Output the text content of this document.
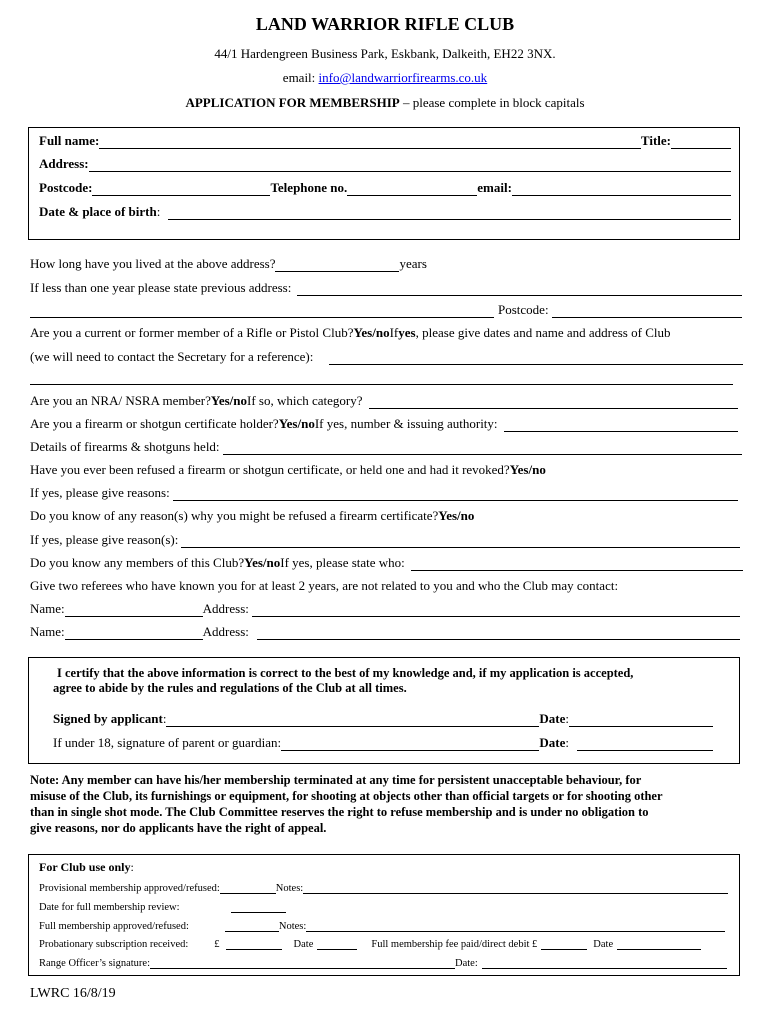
LAND WARRIOR RIFLE CLUB
44/1 Hardengreen Business Park, Eskbank, Dalkeith, EH22 3NX.
email: info@landwarriorfirearms.co.uk
APPLICATION FOR MEMBERSHIP – please complete in block capitals
Full name:	Title:
Address:
Postcode:	Telephone no.	email:
Date & place of birth :
How long have you lived at the above address?	years
If less than one year please state previous address:
Postcode:
Are you a current or former member of a Rifle or Pistol Club? Yes/no If yes , please give dates and name and address of Club
(we will need to contact the Secretary for a reference):
Are you an NRA/ NSRA member? Yes/no If so, which category?
Are you a firearm or shotgun certificate holder? Yes/no If yes, number & issuing authority:
Details of firearms & shotguns held:
Have you ever been refused a firearm or shotgun certificate, or held one and had it revoked? Yes/no
If yes, please give reasons:
Do you know of any reason(s) why you might be refused a firearm certificate? Yes/no
If yes, please give reason(s):
Do you know any members of this Club? Yes/no If yes, please state who:
Give two referees who have known you for at least 2 years, are not related to you and who the Club may contact:
Name:	Address:
Name:	Address:
I certify that the above information is correct to the best of my knowledge and, if my application is accepted,
agree to abide by the rules and regulations of the Club at all times.
Signed by applicant :	Date :
If under 18, signature of parent or guardian:	Date :
Note: Any member can have his/her membership terminated at any time for persistent unacceptable behaviour, for
misuse of the Club, its furnishings or equipment, for shooting at objects other than official targets or for shooting other
than in single shot mode. The Club Committee reserves the right to refuse membership and is under no obligation to
give reasons, nor do applicants have the right of appeal.
For Club use only:
Provisional membership approved/refused:	Notes:
Date for full membership review:
Full membership approved/refused:	Notes:
Probationary subscription received: £	Date	Full membership fee paid/direct debit £	Date
Range Officer’s signature:	Date:
LWRC 16/8/19
